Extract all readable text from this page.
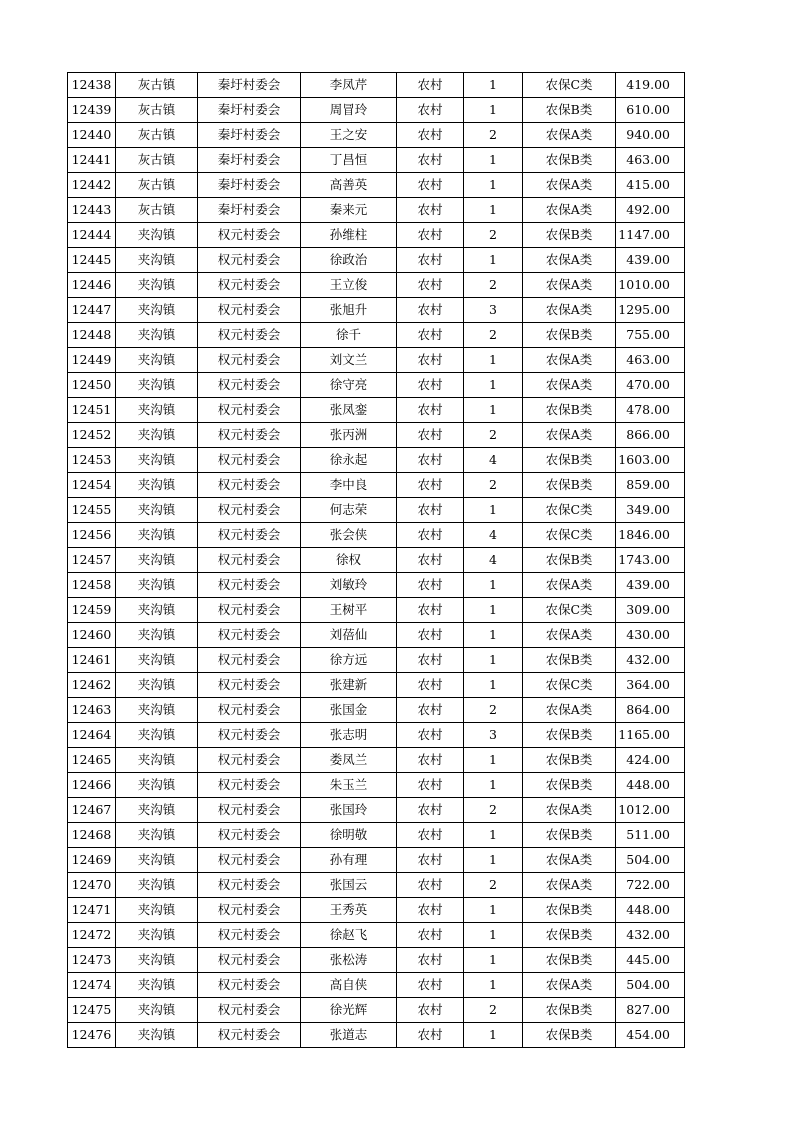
12438	灰古镇	秦圩村委会	李凤芹	农村	1	农保C类	419.00
12439	灰古镇	秦圩村委会	周冒玲	农村	1	农保B类	610.00
12440	灰古镇	秦圩村委会	王之安	农村	2	农保A类	940.00
12441	灰古镇	秦圩村委会	丁昌恒	农村	1	农保B类	463.00
12442	灰古镇	秦圩村委会	高善英	农村	1	农保A类	415.00
12443	灰古镇	秦圩村委会	秦来元	农村	1	农保A类	492.00
12444	夹沟镇	权元村委会	孙维柱	农村	2	农保B类	1147.00
12445	夹沟镇	权元村委会	徐政治	农村	1	农保A类	439.00
12446	夹沟镇	权元村委会	王立俊	农村	2	农保A类	1010.00
12447	夹沟镇	权元村委会	张旭升	农村	3	农保A类	1295.00
12448	夹沟镇	权元村委会	徐千	农村	2	农保B类	755.00
12449	夹沟镇	权元村委会	刘文兰	农村	1	农保A类	463.00
12450	夹沟镇	权元村委会	徐守亮	农村	1	农保A类	470.00
12451	夹沟镇	权元村委会	张凤銮	农村	1	农保B类	478.00
12452	夹沟镇	权元村委会	张丙洲	农村	2	农保A类	866.00
12453	夹沟镇	权元村委会	徐永起	农村	4	农保B类	1603.00
12454	夹沟镇	权元村委会	李中良	农村	2	农保B类	859.00
12455	夹沟镇	权元村委会	何志荣	农村	1	农保C类	349.00
12456	夹沟镇	权元村委会	张会侠	农村	4	农保C类	1846.00
12457	夹沟镇	权元村委会	徐权	农村	4	农保B类	1743.00
12458	夹沟镇	权元村委会	刘敏玲	农村	1	农保A类	439.00
12459	夹沟镇	权元村委会	王树平	农村	1	农保C类	309.00
12460	夹沟镇	权元村委会	刘蓓仙	农村	1	农保A类	430.00
12461	夹沟镇	权元村委会	徐方远	农村	1	农保B类	432.00
12462	夹沟镇	权元村委会	张建新	农村	1	农保C类	364.00
12463	夹沟镇	权元村委会	张国金	农村	2	农保A类	864.00
12464	夹沟镇	权元村委会	张志明	农村	3	农保B类	1165.00
12465	夹沟镇	权元村委会	娄凤兰	农村	1	农保B类	424.00
12466	夹沟镇	权元村委会	朱玉兰	农村	1	农保B类	448.00
12467	夹沟镇	权元村委会	张国玲	农村	2	农保A类	1012.00
12468	夹沟镇	权元村委会	徐明敬	农村	1	农保B类	511.00
12469	夹沟镇	权元村委会	孙有理	农村	1	农保A类	504.00
12470	夹沟镇	权元村委会	张国云	农村	2	农保A类	722.00
12471	夹沟镇	权元村委会	王秀英	农村	1	农保B类	448.00
12472	夹沟镇	权元村委会	徐赵飞	农村	1	农保B类	432.00
12473	夹沟镇	权元村委会	张松涛	农村	1	农保B类	445.00
12474	夹沟镇	权元村委会	高自侠	农村	1	农保A类	504.00
12475	夹沟镇	权元村委会	徐光辉	农村	2	农保B类	827.00
12476	夹沟镇	权元村委会	张道志	农村	1	农保B类	454.00
